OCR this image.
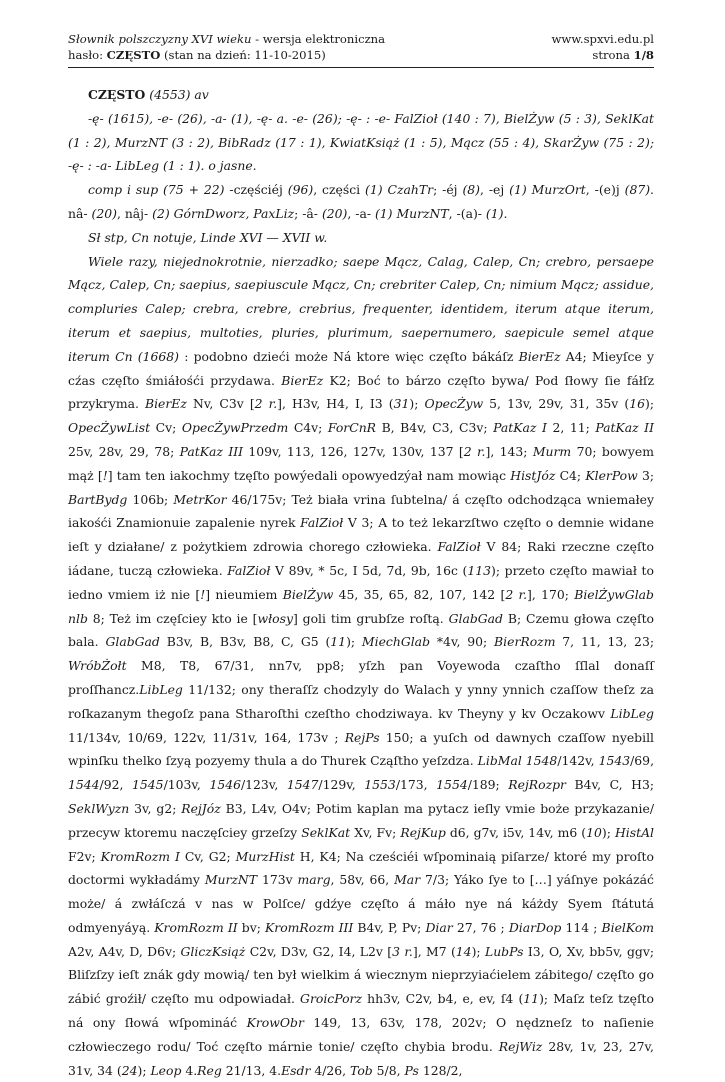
Słownik polszczyzny XVI wieku - wersja elektroniczna	www.spxvi.edu.pl
hasło: CZĘSTO (stan na dzień: 11-10-2015)	strona 1/8

CZĘSTO (4553) av

-ę- (1615), -e- (26), -a- (1), -ę- a. -e- (26); -ę- : -e- FalZioł (140 : 7), BielŻyw (5 : 3), SeklKat (1 : 2), MurzNT (3 : 2), BibRadz (17 : 1), KwiatKsiąż (1 : 5), Mącz (55 : 4), SkarŻyw (75 : 2); -ę- : -a- LibLeg (1 : 1). o jasne.

comp i sup (75 + 22) -częściéj (96), części (1) CzahTr; -éj (8), -ej (1) MurzOrt, -(e)j (87). nâ- (20), nâj- (2) GórnDworz, PaxLiz; -â- (20), -a- (1) MurzNT, -(a)- (1).

Sł stp, Cn notuje, Linde XVI — XVII w.

Wiele razy, niejednokrotnie, nierzadko; saepe Mącz, Calag, Calep, Cn; crebro, persaepe Mącz, Calep, Cn; saepius, saepiuscule Mącz, Cn; crebriter Calep, Cn; nimium Mącz; assidue, compluries Calep; crebra, crebre, crebrius, frequenter, identidem, iterum atque iterum, iterum et saepius, multoties, pluries, plurimum, saepernumero, saepicule semel atque iterum Cn (1668) : podobno dzieći może Ná ktore więc częſto bákáſz BierEz A4; Mieyſce y cźas częſto śmiáłośći przydawa. BierEz K2; Boć to bárzo częſto bywa/ Pod ſłowy ſie fáłſz przykryma. BierEz Nv, C3v [2 r.], H3v, H4, I, I3 (31); OpecŻyw 5, 13v, 29v, 31, 35v (16); OpecŻywList Cv; OpecŻywPrzedm C4v; ForCnR B, B4v, C3, C3v; PatKaz I 2, 11; PatKaz II 25v, 28v, 29, 78; PatKaz III 109v, 113, 126, 127v, 130v, 137 [2 r.], 143; Murm 70; bowyem mąż [!] tam ten iakochmy tzęſto powýedali opowyedzýał nam mowiąc HistJóz C4; KlerPow 3; BartBydg 106b; MetrKor 46/175v; Też biała vrina ſubtelna/ á częſto odchodząca wniemałey iakośći Znamionuie zapalenie nyrek FalZioł V 3; A to też lekarzſtwo częſto o demnie widane ieſt y działane/ z pożytkiem zdrowia chorego człowieka. FalZioł V 84; Raki rzeczne częſto iádane, tuczą człowieka. FalZioł V 89v, * 5c, I 5d, 7d, 9b, 16c (113); przeto częſto mawiał to iedno vmiem iż nie [!] nieumiem BielŻyw 45, 35, 65, 82, 107, 142 [2 r.], 170; BielŻywGlab nlb 8; Też im częſciey kto ie [włosy] goli tim grubſze roſtą. GlabGad B; Czemu głowa częſto bala. GlabGad B3v, B, B3v, B8, C, G5 (11); MiechGlab *4v, 90; BierRozm 7, 11, 13, 23; WróbŻołt M8, T8, 67/31, nn7v, pp8; yſzh pan Voyewoda czaſtho ſſlal donaſſ proſſhancz.LibLeg 11/132; ony theraſſz chodzyly do Walach y ynny ynnich czaſſow theſz za roſkazanym thegoſz pana Stharoſthi czeſtho chodziwaya. kv Theyny y kv Oczakowv LibLeg 11/134v, 10/69, 122v, 11/31v, 164, 173v ; RejPs 150; a yuſch od dawnych czaſſow nyebill wpinſku thelko ſzyą pozyemy thula a do Thurek Cząſtho yeſzdza. LibMal 1548/142v, 1543/69, 1544/92, 1545/103v, 1546/123v, 1547/129v, 1553/173, 1554/189; RejRozpr B4v, C, H3; SeklWyzn 3v, g2; RejJóz B3, L4v, O4v; Potim kaplan ma pytacz ieſly vmie boże przykazanie/ przecyw ktoremu naczęſciey grzeſzy SeklKat Xv, Fv; RejKup d6, g7v, i5v, 14v, m6 (10); HistAl F2v; KromRozm I Cv, G2; MurzHist H, K4; Na cześciéi wſpominaią piſarze/ ktoré my proſto doctormi wykładámy MurzNT 173v marg, 58v, 66, Mar 7/3; Yáko ſye to […] yáſnye pokázáć może/ á zwłáſczá v nas w Polſce/ gdźye częſto á máło nye ná káżdy Syem ſtátutá odmyenyáyą. KromRozm II bv; KromRozm III B4v, P, Pv; Diar 27, 76 ; DiarDop 114 ; BielKom A2v, A4v, D, D6v; GliczKsiąż C2v, D3v, G2, I4, L2v [3 r.], M7 (14); LubPs I3, O, Xv, bb5v, ggv; Bliſzſzy ieſt znák gdy mowią/ ten był wielkim á wiecznym nieprzyiaćielem zábitego/ częſto go zábić groźił/ częſto mu odpowiadał. GroicPorz hh3v, C2v, b4, e, ev, ſ4 (11); Maſz teſz tzęſto ná ony ſłowá wſpomináć KrowObr 149, 13, 63v, 178, 202v; O nędzneſz to naſienie człowieczego rodu/ Toć częſto márnie tonie/ częſto chybia brodu. RejWiz 28v, 1v, 23, 27v, 31v, 34 (24); Leop 4.Reg 21/13, 4.Esdr 4/26, Tob 5/8, Ps 128/2,
